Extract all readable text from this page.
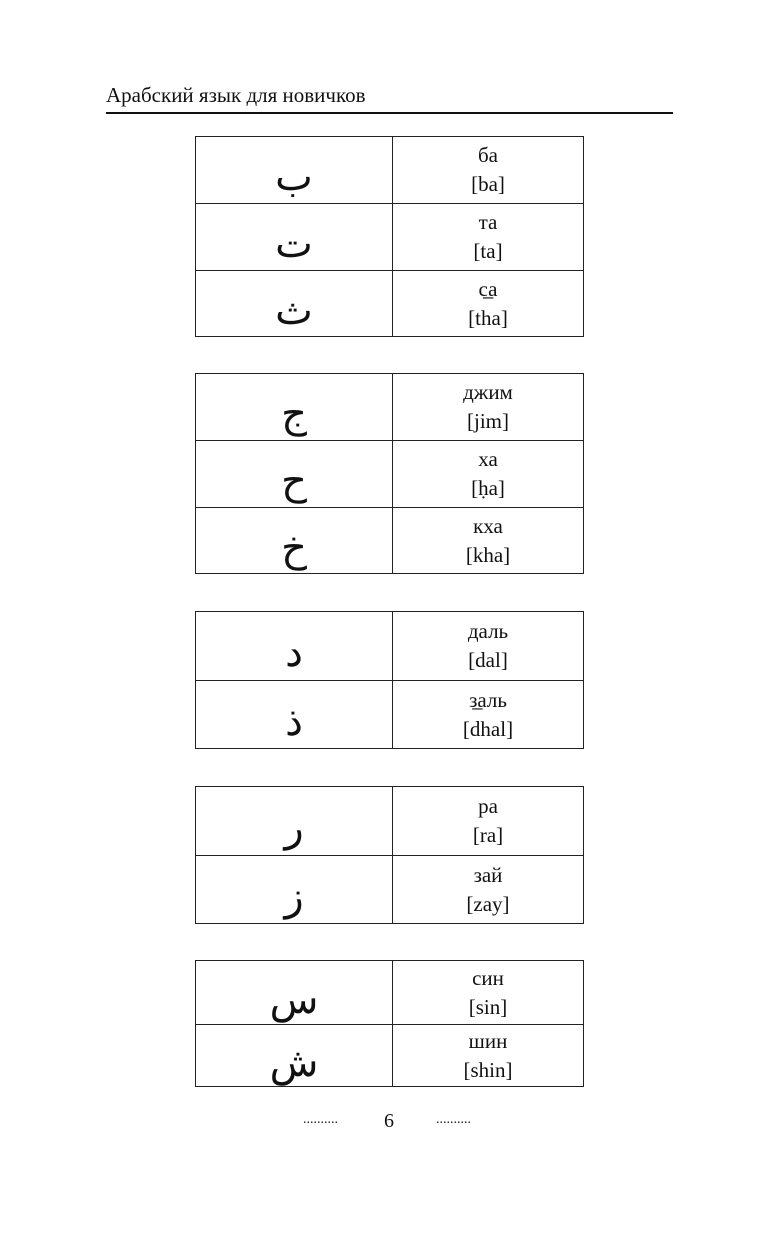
Арабский язык для новичков
ب	ба
[ba]

ت	та
[ta]

ث	с̲а
[tha]
ج	джим
[jim]

ح	ха
[ḥa]

خ	кха
[kha]
د	даль
[dal]

ذ	з̲аль
[dhal]
ر	ра
[ra]

ز	зай
[zay]
س	син
[sin]

ش	шин
[shin]
.......... 6	..........
